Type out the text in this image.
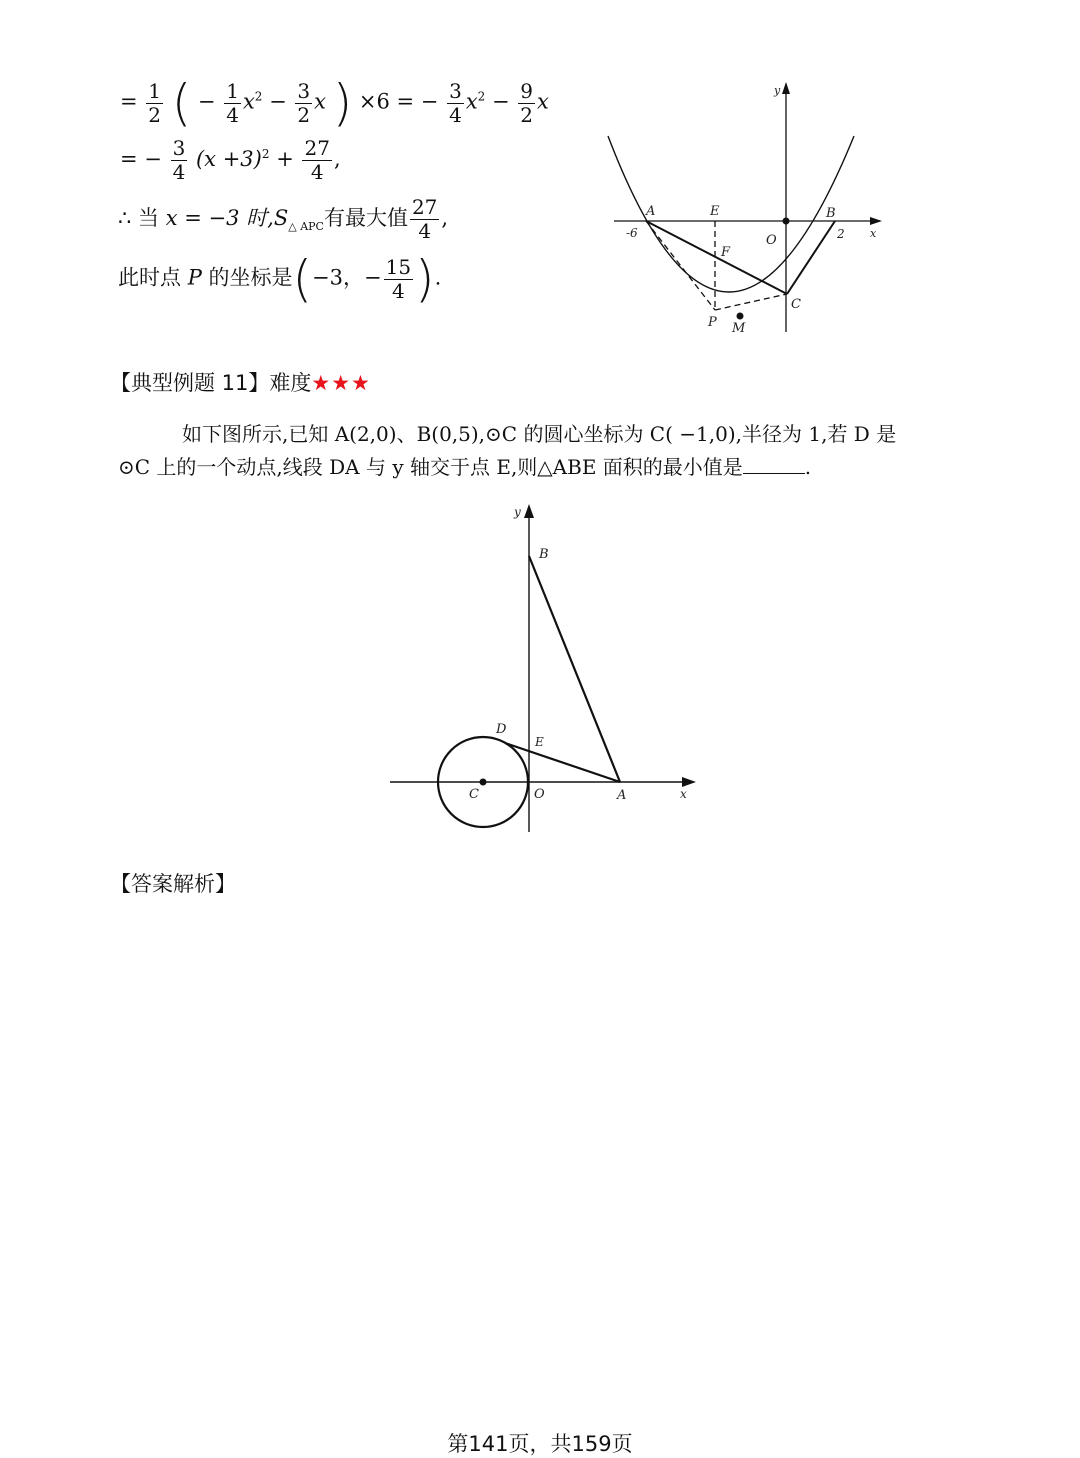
= $\frac{1}{2}$ ( − $\frac{1}{4} x^2 - \frac{3}{2}$ x ) ×6 = − $\frac{3}{4} x^2 - \frac{9}{2}$ x
= − $\frac{3}{4} (x +3)^2 + \frac{27}{4}$ ,
∴ 当 x = −3 时$,S_{\triangle APC}$有最大值 $\frac{27}{4}$ ,
此时点 P 的坐标是(−3，− $\frac{15}{4}$ ).
y
A	E	B
-6	O	2 x
F
C
P M
【典型例题 11】难度★★★
如下图所示,已知 A(2,0)、B(0,5),⊙C 的圆心坐标为 C( −1,0),半径为 1,若 D 是
⊙C 上的一个动点,线段 DA 与 y 轴交于点 E,则△ABE 面积的最小值是	.
y
B
D
E
C	O	A	x
【答案解析】
第141页，共159页
